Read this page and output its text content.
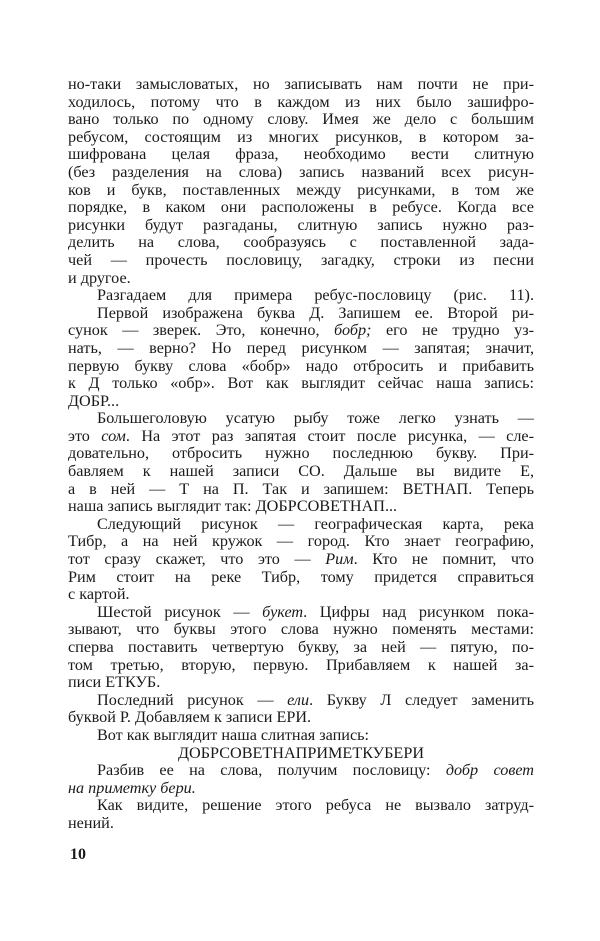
но-таки замысловатых, но записывать нам почти не при-
ходилось, потому что в каждом из них было зашифро-
вано только по одному слову. Имея же дело с большим
ребусом, состоящим из многих рисунков, в котором за-
шифрована целая фраза, необходимо вести слитную
(без разделения на слова) запись названий всех рисун-
ков и букв, поставленных между рисунками, в том же
порядке, в каком они расположены в ребусе. Когда все
рисунки будут разгаданы, слитную запись нужно раз-
делить на слова, сообразуясь с поставленной зада-
чей — прочесть пословицу, загадку, строки из песни
и другое.
Разгадаем для примера ребус-пословицу (рис. 11).
Первой изображена буква Д. Запишем ее. Второй ри-
сунок — зверек. Это, конечно, бобр; его не трудно уз-
нать, — верно? Но перед рисунком — запятая; значит,
первую букву слова «бобр» надо отбросить и прибавить
к Д только «обр». Вот как выглядит сейчас наша запись:
ДОБР...
Большеголовую усатую рыбу тоже легко узнать —
это сом. На этот раз запятая стоит после рисунка, — сле-
довательно, отбросить нужно последнюю букву. При-
бавляем к нашей записи СО. Дальше вы видите Е,
а в ней — Т на П. Так и запишем: ВЕТНАП. Теперь
наша запись выглядит так: ДОБРСОВЕТНАП...
Следующий рисунок — географическая карта, река
Тибр, а на ней кружок — город. Кто знает географию,
тот сразу скажет, что это — Рим. Кто не помнит, что
Рим стоит на реке Тибр, тому придется справиться
с картой.
Шестой рисунок — букет. Цифры над рисунком пока-
зывают, что буквы этого слова нужно поменять местами:
сперва поставить четвертую букву, за ней — пятую, по-
том третью, вторую, первую. Прибавляем к нашей за-
писи ЕТКУБ.
Последний рисунок — ели. Букву Л следует заменить
буквой Р. Добавляем к записи ЕРИ.
Вот как выглядит наша слитная запись:
ДОБРСОВЕТНАПРИМЕТКУБЕРИ
Разбив ее на слова, получим пословицу: добр совет
на приметку бери.
Как видите, решение этого ребуса не вызвало затруд-
нений.
10
